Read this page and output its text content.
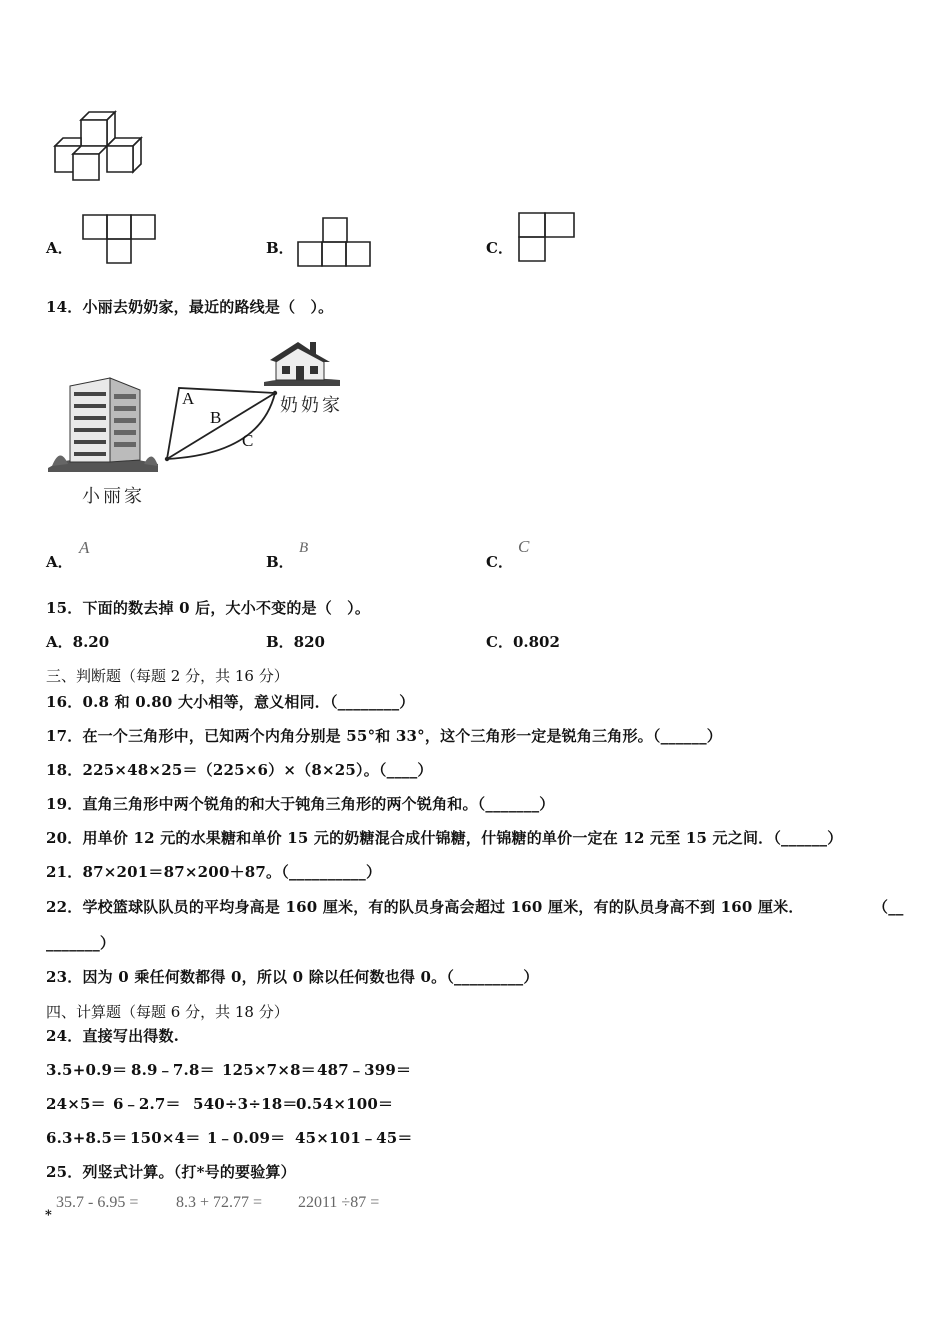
A．	B．	C．
14．小丽去奶奶家，最近的路线是（　）。
A
B
C
奶奶家
小丽家
A．
A
B．
B
C．
C
15．下面的数去掉 0 后，大小不变的是（　）。
A．8.20	B．820	C．0.802
三、判断题（每题 2 分，共 16 分）
16．0.8 和 0.80 大小相等，意义相同．（________）
17．在一个三角形中，已知两个内角分别是 55°和 33°，这个三角形一定是锐角三角形。（______）
18．225×48×25＝（225×6）×（8×25）。（____）
19．直角三角形中两个锐角的和大于钝角三角形的两个锐角和。（_______）
20．用单价 12 元的水果糖和单价 15 元的奶糖混合成什锦糖，什锦糖的单价一定在 12 元至 15 元之间．（______）
21．87×201＝87×200＋87。（__________）
22．学校篮球队队员的平均身高是 160 厘米，有的队员身高会超过 160 厘米，有的队员身高不到 160 厘米．	（__
_______）
23．因为 0 乘任何数都得 0，所以 0 除以任何数也得 0。（_________）
四、计算题（每题 6 分，共 18 分）
24．直接写出得数.
3.5+0.9＝ 8.9﹣7.8＝ 125×7×8＝ 487﹣399＝
24×5＝ 6﹣2.7＝ 540÷3÷18＝
0.54×100＝
6.3+8.5＝ 150×4＝ 1﹣0.09＝ 45×101﹣45＝
25．列竖式计算。（打*号的要验算）
35.7 - 6.95 = 8.3 + 72.77 = 22011 ÷87 =
*
